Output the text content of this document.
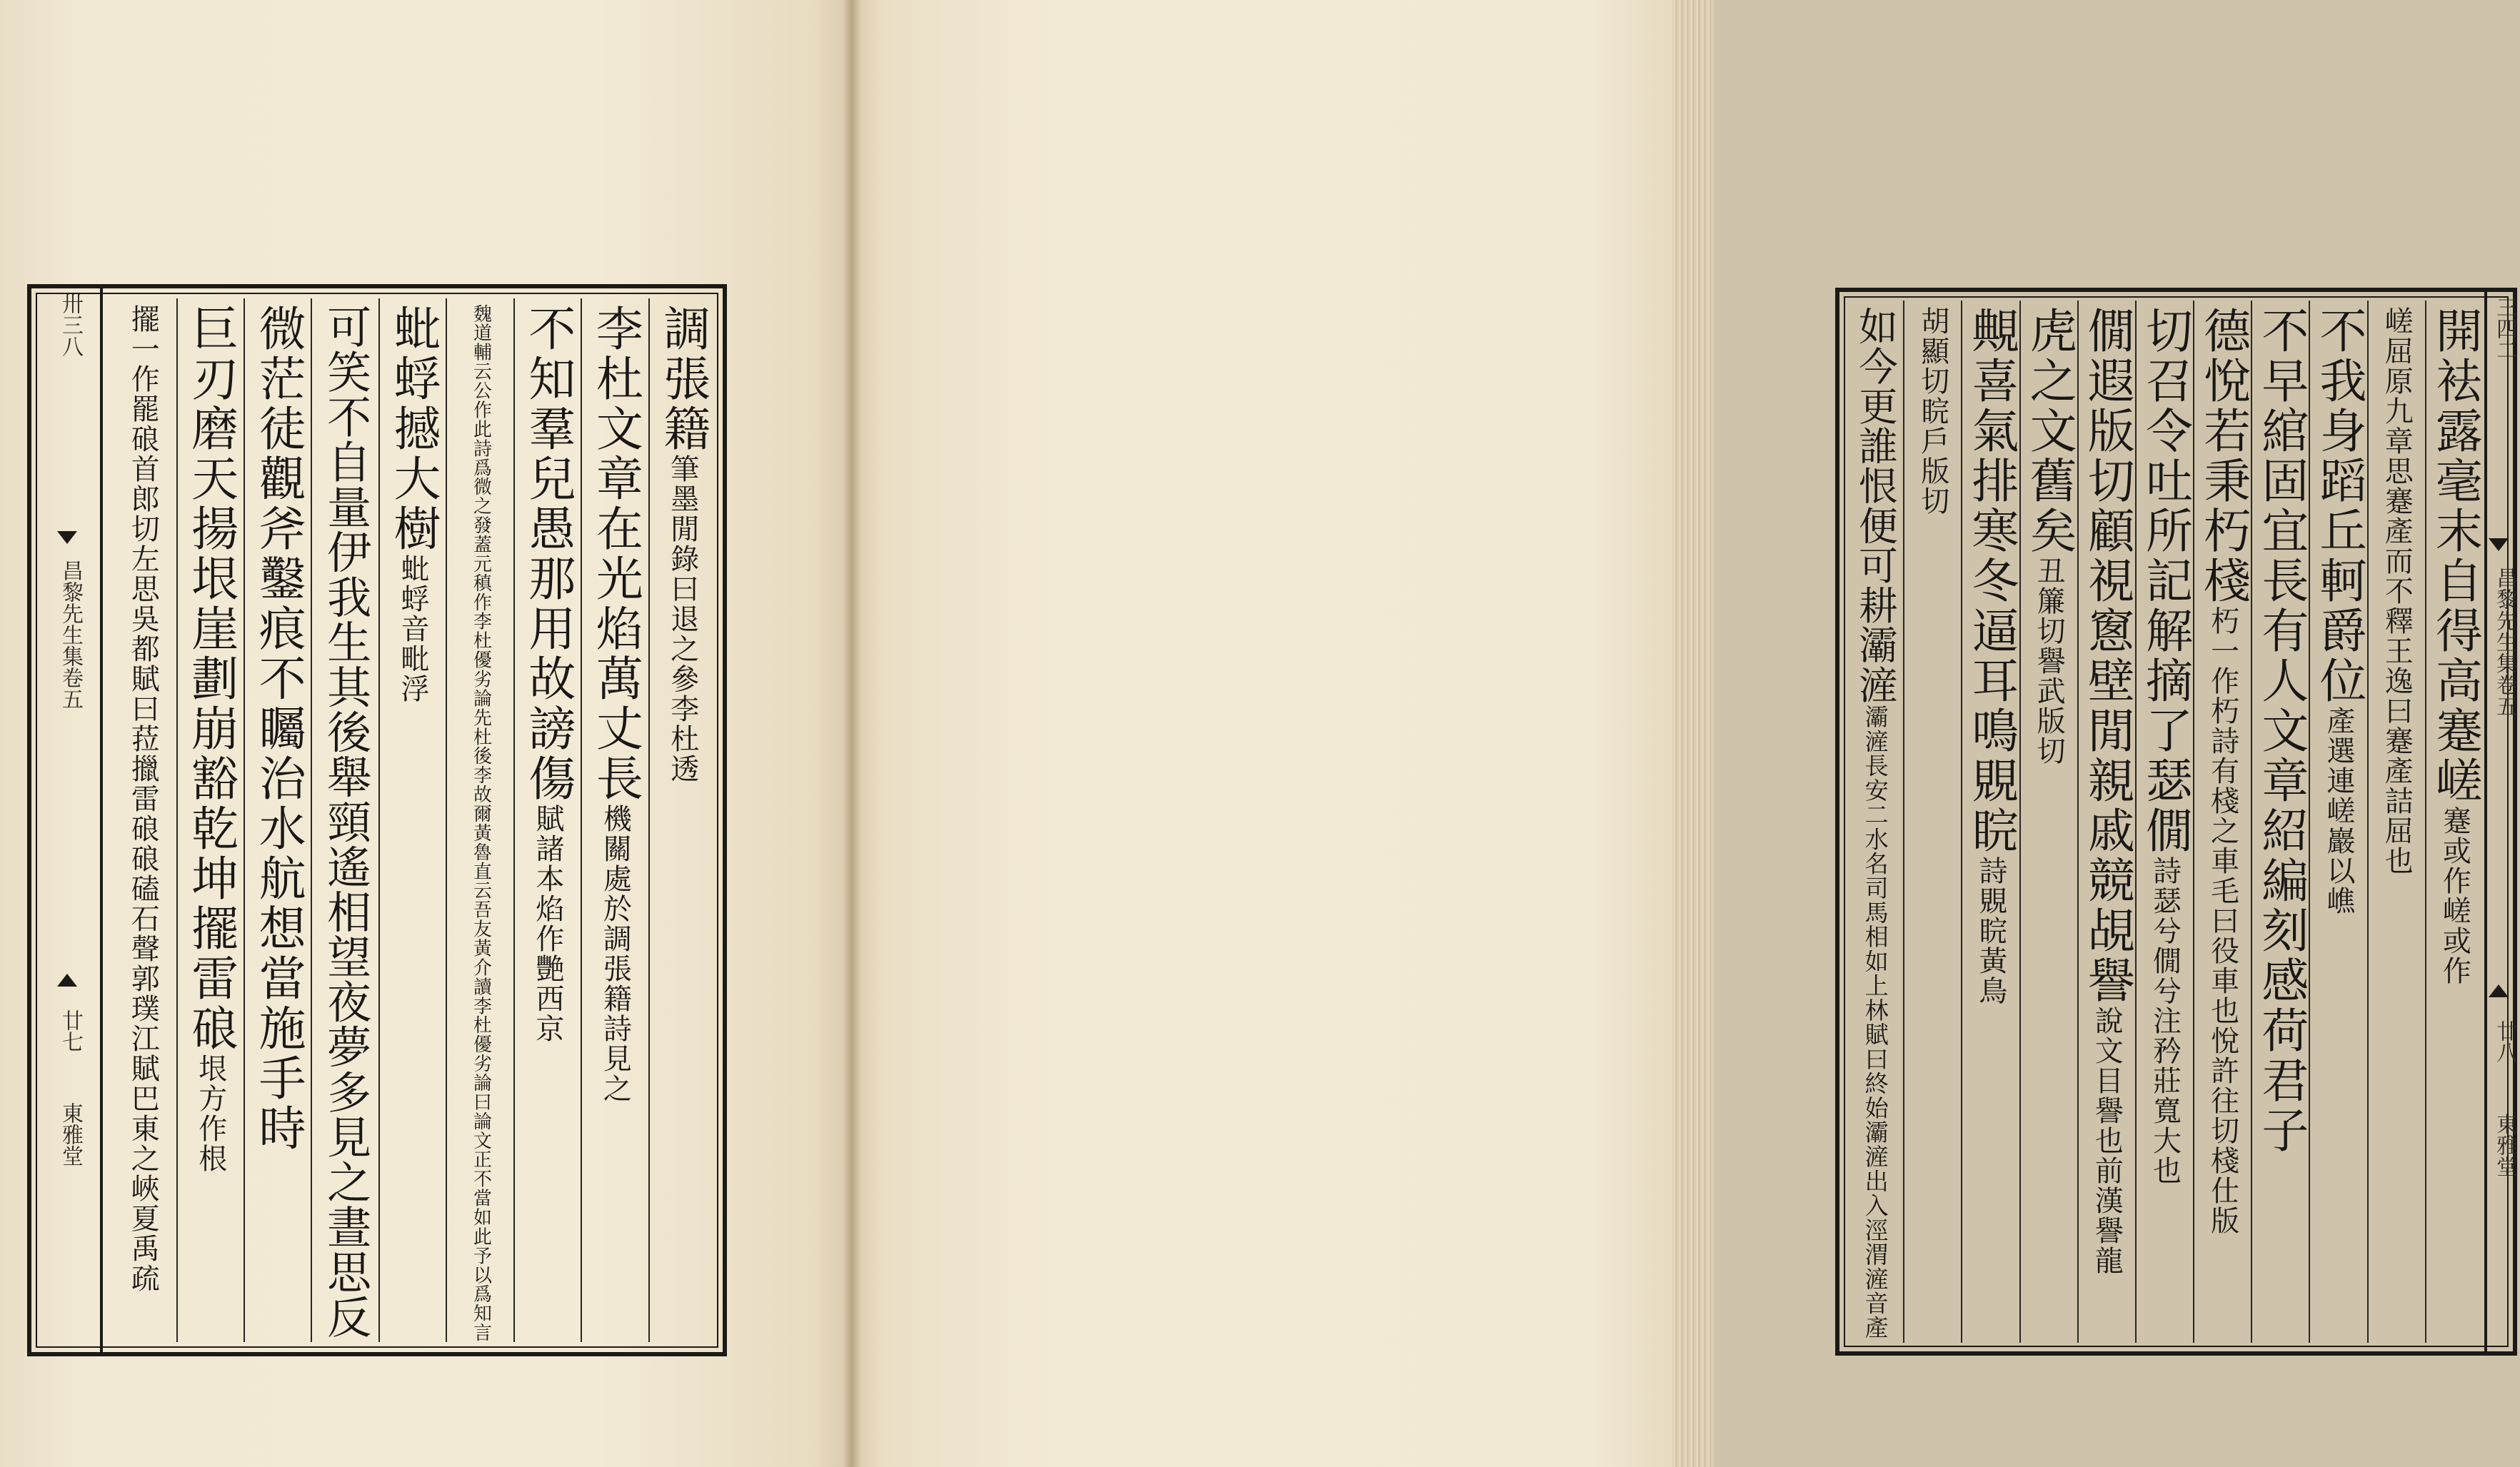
卅三八
昌黎先生集卷五
廿七
東雅堂
調張籍
筆墨閒錄曰退之參李杜透
李杜文章在光焰萬丈長
機關處於調張籍詩見之
不知羣兒愚那用故謗傷
賦諸本焰作艷西京
魏道輔云公作此詩爲微之發蓋元稹作李杜優劣論先杜後李故爾黃魯直云吾友黃介讀李杜優劣論曰論文正不當如此予以爲知言
蚍蜉撼大樹
蚍蜉音毗浮
可笑不自量伊我生其後舉頸遙相望夜夢多見之晝思反
微茫徒觀斧鑿痕不矚治水航想當施手時
巨刃磨天揚垠崖劃崩豁乾坤擺雷硠
垠方作根
擺一作罷硠首郎切左思吳都賦曰菈擸雷硠硠磕石聲郭璞江賦巴東之峽夏禹疏	開袪露毫末自得高蹇嵯
蹇或作嵯或作
嵯屈原九章思蹇產而不釋王逸曰蹇產詰屈也
不我身蹈丘軻爵位
產選連嵯巖以嶕
不早綰固宜長有人文章紹編刻感荷君子
德悅若秉朽棧
朽一作朽詩有棧之車毛曰役車也悅許往切棧仕版
切召令吐所記解摘了瑟僩
詩瑟兮僩兮注矜莊寬大也
僩遐版切顧視窻壁閒親戚競覘譽
說文目譽也前漢譽龍
虎之文舊矣
丑簾切譽武版切
覥喜氣排寒冬逼耳鳴覞睆
詩覞睆黃鳥
胡顯切睆戶版切
如今更誰恨便可耕灞滻
灞滻長安二水名司馬相如上林賦曰終始灞滻出入涇渭滻音產
三四二
昌黎先生集卷五
廿八
東雅堂
